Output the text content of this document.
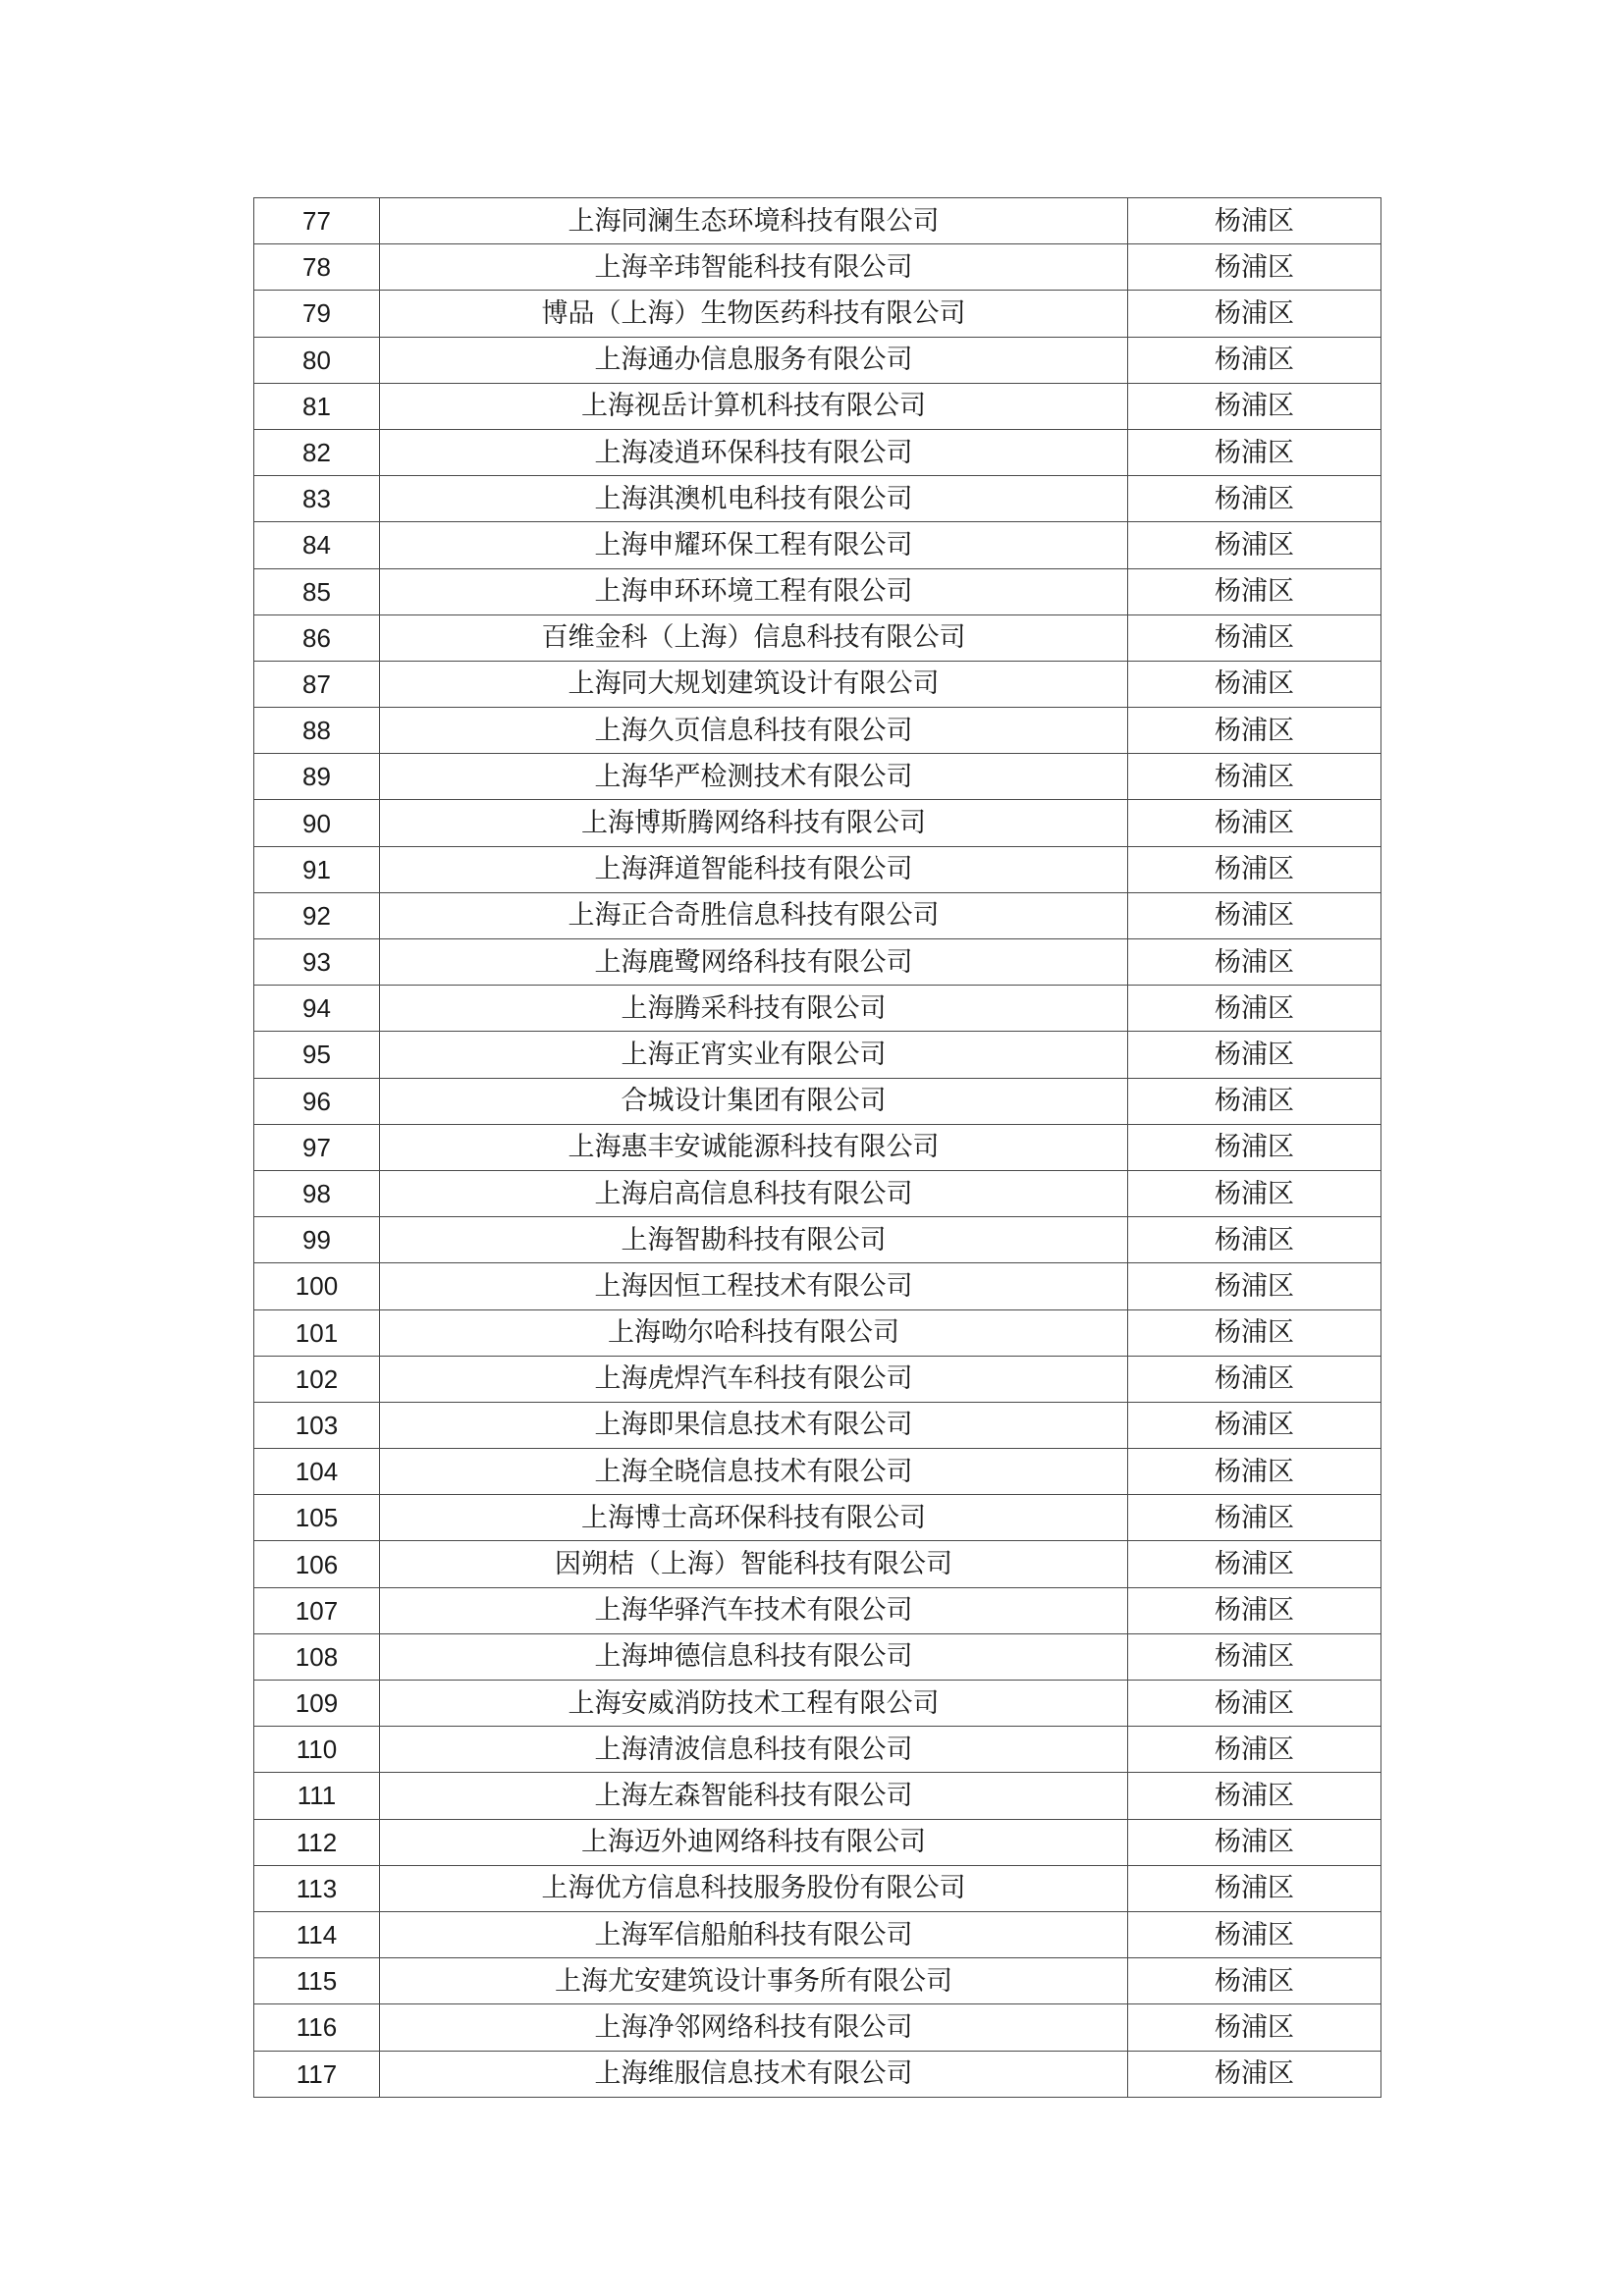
77	上海同澜生态环境科技有限公司	杨浦区
78	上海辛玮智能科技有限公司	杨浦区
79	博品（上海）生物医药科技有限公司	杨浦区
80	上海通办信息服务有限公司	杨浦区
81	上海视岳计算机科技有限公司	杨浦区
82	上海凌逍环保科技有限公司	杨浦区
83	上海淇澳机电科技有限公司	杨浦区
84	上海申耀环保工程有限公司	杨浦区
85	上海申环环境工程有限公司	杨浦区
86	百维金科（上海）信息科技有限公司	杨浦区
87	上海同大规划建筑设计有限公司	杨浦区
88	上海久页信息科技有限公司	杨浦区
89	上海华严检测技术有限公司	杨浦区
90	上海博斯腾网络科技有限公司	杨浦区
91	上海湃道智能科技有限公司	杨浦区
92	上海正合奇胜信息科技有限公司	杨浦区
93	上海鹿鹭网络科技有限公司	杨浦区
94	上海腾采科技有限公司	杨浦区
95	上海正宵实业有限公司	杨浦区
96	合城设计集团有限公司	杨浦区
97	上海惠丰安诚能源科技有限公司	杨浦区
98	上海启高信息科技有限公司	杨浦区
99	上海智勘科技有限公司	杨浦区
100	上海因恒工程技术有限公司	杨浦区
101	上海呦尔哈科技有限公司	杨浦区
102	上海虎焊汽车科技有限公司	杨浦区
103	上海即果信息技术有限公司	杨浦区
104	上海全晓信息技术有限公司	杨浦区
105	上海博士高环保科技有限公司	杨浦区
106	因朔桔（上海）智能科技有限公司	杨浦区
107	上海华驿汽车技术有限公司	杨浦区
108	上海坤德信息科技有限公司	杨浦区
109	上海安威消防技术工程有限公司	杨浦区
110	上海清波信息科技有限公司	杨浦区
111	上海左森智能科技有限公司	杨浦区
112	上海迈外迪网络科技有限公司	杨浦区
113	上海优方信息科技服务股份有限公司	杨浦区
114	上海军信船舶科技有限公司	杨浦区
115	上海尤安建筑设计事务所有限公司	杨浦区
116	上海净邻网络科技有限公司	杨浦区
117	上海维服信息技术有限公司	杨浦区
